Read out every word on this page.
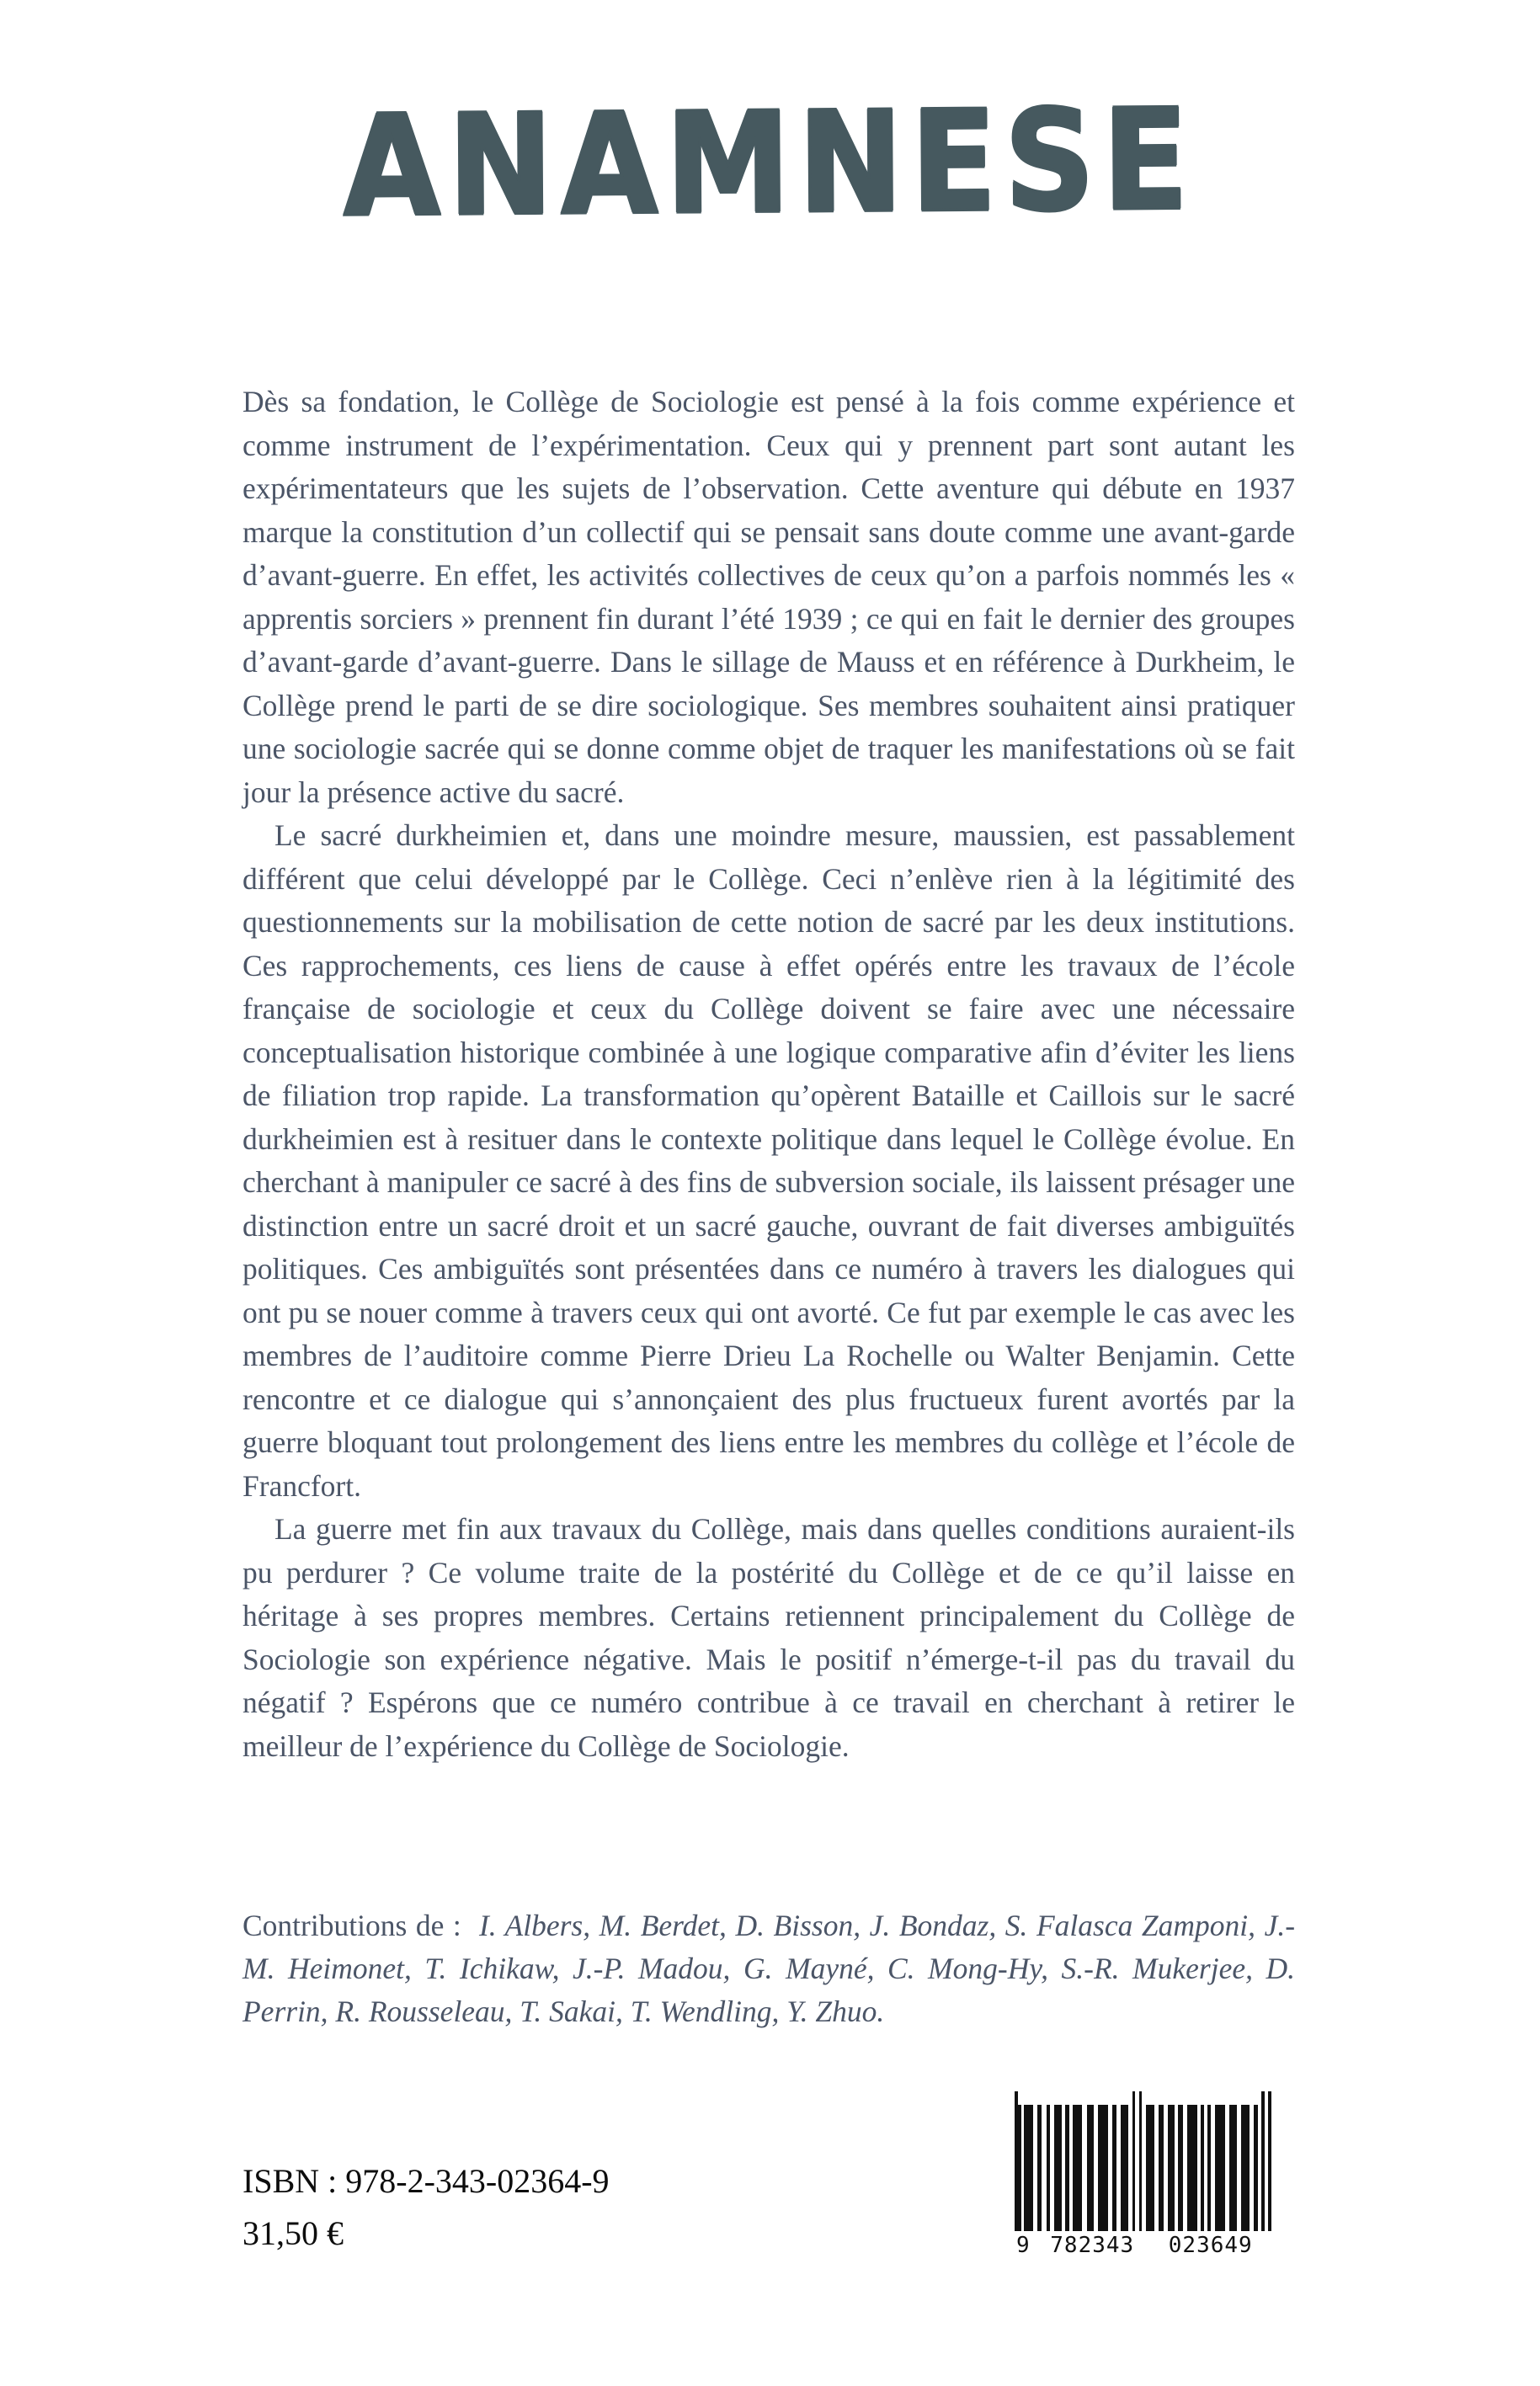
ANAMNESE

Dès sa fondation, le Collège de Sociologie est pensé à la fois comme expérience et comme instrument de l’expérimentation. Ceux qui y prennent part sont autant les expérimentateurs que les sujets de l’observation. Cette aventure qui débute en 1937 marque la constitution d’un collectif qui se pensait sans doute comme une avant-garde d’avant-guerre. En effet, les activités collectives de ceux qu’on a parfois nommés les « apprentis sorciers » prennent fin durant l’été 1939 ; ce qui en fait le dernier des groupes d’avant-garde d’avant-guerre. Dans le sillage de Mauss et en référence à Durkheim, le Collège prend le parti de se dire sociologique. Ses membres souhaitent ainsi pratiquer une sociologie sacrée qui se donne comme objet de traquer les manifestations où se fait jour la présence active du sacré.

Le sacré durkheimien et, dans une moindre mesure, maussien, est passablement différent que celui développé par le Collège. Ceci n’enlève rien à la légitimité des questionnements sur la mobilisation de cette notion de sacré par les deux institutions. Ces rapprochements, ces liens de cause à effet opérés entre les travaux de l’école française de sociologie et ceux du Collège doivent se faire avec une nécessaire conceptualisation historique combinée à une logique comparative afin d’éviter les liens de filiation trop rapide. La transformation qu’opèrent Bataille et Caillois sur le sacré durkheimien est à resituer dans le contexte politique dans lequel le Collège évolue. En cherchant à manipuler ce sacré à des fins de subversion sociale, ils laissent présager une distinction entre un sacré droit et un sacré gauche, ouvrant de fait diverses ambiguïtés politiques. Ces ambiguïtés sont présentées dans ce numéro à travers les dialogues qui ont pu se nouer comme à travers ceux qui ont avorté. Ce fut par exemple le cas avec les membres de l’auditoire comme Pierre Drieu La Rochelle ou Walter Benjamin. Cette rencontre et ce dialogue qui s’annonçaient des plus fructueux furent avortés par la guerre bloquant tout prolongement des liens entre les membres du collège et l’école de Francfort.

La guerre met fin aux travaux du Collège, mais dans quelles conditions auraient-ils pu perdurer ? Ce volume traite de la postérité du Collège et de ce qu’il laisse en héritage à ses propres membres. Certains retiennent principalement du Collège de Sociologie son expérience négative. Mais le positif n’émerge-t-il pas du travail du négatif ? Espérons que ce numéro contribue à ce travail en cherchant à retirer le meilleur de l’expérience du Collège de Sociologie.

Contributions de : I. Albers, M. Berdet, D. Bisson, J. Bondaz, S. Falasca Zamponi, J.-M. Heimonet, T. Ichikaw, J.-P. Madou, G. Mayné, C. Mong-Hy, S.-R. Mukerjee, D. Perrin, R. Rousseleau, T. Sakai, T. Wendling, Y. Zhuo.
ISBN : 978-2-343-02364-9
31,50 €	9 782343	023649
